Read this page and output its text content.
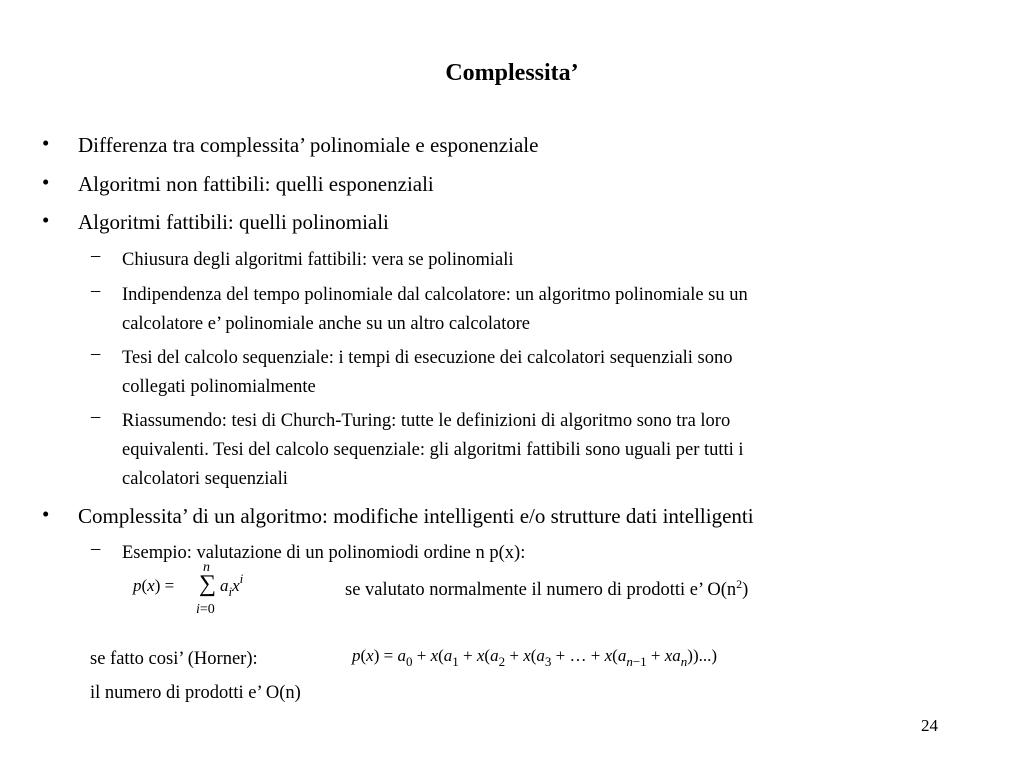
Complessita’
• Differenza tra complessita’ polinomiale e esponenziale
• Algoritmi non fattibili: quelli esponenziali
• Algoritmi fattibili: quelli polinomiali
– Chiusura degli algoritmi fattibili: vera se polinomiali
– Indipendenza del tempo polinomiale dal calcolatore: un algoritmo polinomiale su un
calcolatore e’ polinomiale anche su un altro calcolatore
– Tesi del calcolo sequenziale: i tempi di esecuzione dei calcolatori sequenziali sono
collegati polinomialmente
– Riassumendo: tesi di Church-Turing: tutte le definizioni di algoritmo sono tra loro
equivalenti. Tesi del calcolo sequenziale: gli algoritmi fattibili sono uguali per tutti i
calcolatori sequenziali
• Complessita’ di un algoritmo: modifiche intelligenti e/o strutture dati intelligenti
– Esempio: valutazione di un polinomiodi ordine n p(x):
n
p(x) = ∑ $a_ix^i$
i=0
se valutato normalmente il numero di prodotti e’ $O(n^2)$
se fatto cosi’ (Horner):	$p(x) = a_0 + x(a_1 + x(a_2 + x(a_3$ + … + $x(a_{n-1} + xa_n)$)...)
il numero di prodotti e’ O(n)
24
